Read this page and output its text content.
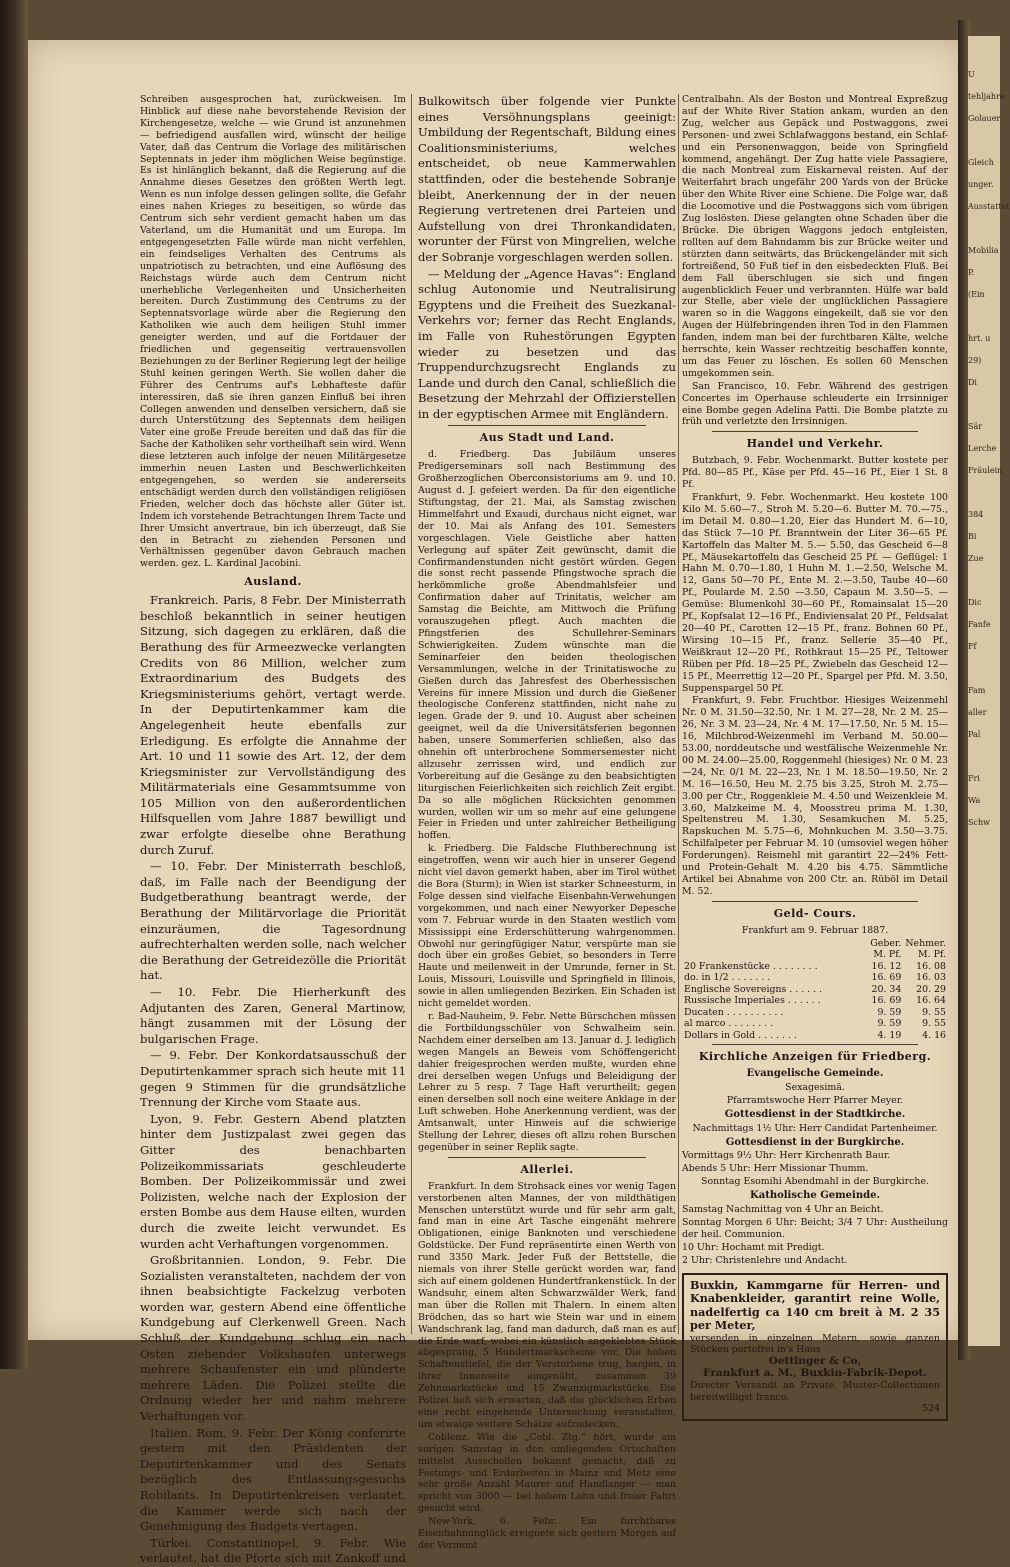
U
tehljahre
Golauer
Gleich
unger.
Ausstattet
Mobilia
P.
(Ein
hrt. u
29)
Di
Sär
Lerche
Fräulein
384
Bi
Zue
Dic
Fanfe
Ff
Fam
aller
Pal
Fri
Wa
Schw

Schreiben ausgesprochen hat, zurückweisen. Im Hinblick auf diese nahe bevorstehende Revision der Kirchengesetze, welche — wie Grund ist anzunehmen — befriedigend ausfallen wird, wünscht der heilige Vater, daß das Centrum die Vorlage des militärischen Septennats in jeder ihm möglichen Weise begünstige. Es ist hinlänglich bekannt, daß die Regierung auf die Annahme dieses Gesetzes den größten Werth legt. Wenn es nun infolge dessen gelingen sollte, die Gefahr eines nahen Krieges zu beseitigen, so würde das Centrum sich sehr verdient gemacht haben um das Vaterland, um die Humanität und um Europa. Im entgegengesetzten Falle würde man nicht verfehlen, ein feindseliges Verhalten des Centrums als unpatriotisch zu betrachten, und eine Auflösung des Reichstags würde auch dem Centrum nicht unerhebliche Verlegenheiten und Unsicherheiten bereiten. Durch Zustimmung des Centrums zu der Septennatsvorlage würde aber die Regierung den Katholiken wie auch dem heiligen Stuhl immer geneigter werden, und auf die Fortdauer der friedlichen und gegenseitig vertrauensvollen Beziehungen zu der Berliner Regierung legt der heilige Stuhl keinen geringen Werth. Sie wollen daher die Führer des Centrums auf's Lebhafteste dafür interessiren, daß sie ihren ganzen Einfluß bei ihren Collegen anwenden und denselben versichern, daß sie durch Unterstützung des Septennats dem heiligen Vater eine große Freude bereiten und daß das für die Sache der Katholiken sehr vortheilhaft sein wird. Wenn diese letzteren auch infolge der neuen Militärgesetze immerhin neuen Lasten und Beschwerlichkeiten entgegengehen, so werden sie andererseits entschädigt werden durch den vollständigen religiösen Frieden, welcher doch das höchste aller Güter ist. Indem ich vorstehende Betrachtungen Ihrem Tacte und Ihrer Umsicht anvertraue, bin ich überzeugt, daß Sie den in Betracht zu ziehenden Personen und Verhältnissen gegenüber davon Gebrauch machen werden. gez. L. Kardinal Jacobini.

Ausland.

Frankreich. Paris, 8 Febr. Der Ministerrath beschloß bekanntlich in seiner heutigen Sitzung, sich dagegen zu erklären, daß die Berathung des für Armeezwecke verlangten Credits von 86 Million, welcher zum Extraordinarium des Budgets des Kriegsministeriums gehört, vertagt werde. In der Deputirtenkammer kam die Angelegenheit heute ebenfalls zur Erledigung. Es erfolgte die Annahme der Art. 10 und 11 sowie des Art. 12, der dem Kriegsminister zur Vervollständigung des Militärmaterials eine Gesammtsumme von 105 Million von den außerordentlichen Hilfsquellen vom Jahre 1887 bewilligt und zwar erfolgte dieselbe ohne Berathung durch Zuruf.

— 10. Febr. Der Ministerrath beschloß, daß, im Falle nach der Beendigung der Budgetberathung beantragt werde, der Berathung der Militärvorlage die Priorität einzuräumen, die Tagesordnung aufrechterhalten werden solle, nach welcher die Berathung der Getreidezölle die Priorität hat.

— 10. Febr. Die Hierherkunft des Adjutanten des Zaren, General Martinow, hängt zusammen mit der Lösung der bulgarischen Frage.

— 9. Febr. Der Konkordatsausschuß der Deputirtenkammer sprach sich heute mit 11 gegen 9 Stimmen für die grundsätzliche Trennung der Kirche vom Staate aus.

Lyon, 9. Febr. Gestern Abend platzten hinter dem Justizpalast zwei gegen das Gitter des benachbarten Polizeikommissariats geschleuderte Bomben. Der Polizeikommissär und zwei Polizisten, welche nach der Explosion der ersten Bombe aus dem Hause eilten, wurden durch die zweite leicht verwundet. Es wurden acht Verhaftungen vorgenommen.

Großbritannien. London, 9. Febr. Die Sozialisten veranstalteten, nachdem der von ihnen beabsichtigte Fackelzug verboten worden war, gestern Abend eine öffentliche Kundgebung auf Clerkenwell Green. Nach Schluß der Kundgebung schlug ein nach Osten ziehender Volkshaufen unterwegs mehrere Schaufenster ein und plünderte mehrere Läden. Die Polizei stellte die Ordnung wieder her und nahm mehrere Verhaftungen vor.

Italien. Rom, 9. Febr. Der König conferirte gestern mit den Präsidenten der Deputirtenkammer und des Senats bezüglich des Entlassungsgesuchs Robilants. In Deputirtenkreisen verlautet, die Kammer werde sich nach der Genehmigung des Budgets vertagen.

Türkei. Constantinopel, 9. Febr. Wie verlautet, hat die Pforte sich mit Zankoff und

Bulkowitsch über folgende vier Punkte eines Versöhnungsplans geeinigt: Umbildung der Regentschaft, Bildung eines Coalitionsministeriums, welches entscheidet, ob neue Kammerwahlen stattfinden, oder die bestehende Sobranje bleibt, Anerkennung der in der neuen Regierung vertretenen drei Parteien und Aufstellung von drei Thronkandidaten, worunter der Fürst von Mingrelien, welche der Sobranje vorgeschlagen werden sollen.

— Meldung der „Agence Havas“: England schlug Autonomie und Neutralisirung Egyptens und die Freiheit des Suezkanal-Verkehrs vor; ferner das Recht Englands, im Falle von Ruhestörungen Egypten wieder zu besetzen und das Truppendurchzugsrecht Englands zu Lande und durch den Canal, schließlich die Besetzung der Mehrzahl der Offizierstellen in der egyptischen Armee mit Engländern.

Aus Stadt und Land.

d. Friedberg. Das Jubiläum unseres Predigerseminars soll nach Bestimmung des Großherzoglichen Oberconsistoriums am 9. und 10. August d. J. gefeiert werden. Da für den eigentliche Stiftungstag, der 21. Mai, als Samstag zwischen Himmelfahrt und Exaudi, durchaus nicht eignet, war der 10. Mai als Anfang des 101. Semesters vorgeschlagen. Viele Geistliche aber hatten Verlegung auf später Zeit gewünscht, damit die Confirmandenstunden nicht gestört würden. Gegen die sonst recht passende Pfingstwoche sprach die herkömmliche große Abendmahlsfeier und Confirmation daher auf Trinitatis, welcher am Samstag die Beichte, am Mittwoch die Prüfung vorauszugehen pflegt. Auch machten die Pfingstferien des Schullehrer-Seminars Schwierigkeiten. Zudem wünschte man die Seminarfeier den beiden theologischen Versammlungen, welche in der Trinitatiswoche zu Gießen durch das Jahresfest des Oberhessischen Vereins für innere Mission und durch die Gießener theologische Conferenz stattfinden, nicht nahe zu legen. Grade der 9. und 10. August aber scheinen geeignet, weil da die Universitätsferien begonnen haben, unsere Sommerferien schließen, also das ohnehin oft unterbrochene Sommersemester nicht allzusehr zerrissen wird, und endlich zur Vorbereitung auf die Gesänge zu den beabsichtigten liturgischen Feierlichkeiten sich reichlich Zeit ergibt. Da so alle möglichen Rücksichten genommen wurden, wollen wir um so mehr auf eine gelungene Feier in Frieden und unter zahlreicher Betheiligung hoffen.

k. Friedberg. Die Faldsche Fluthberechnung ist eingetroffen, wenn wir auch hier in unserer Gegend nicht viel davon gemerkt haben, aber im Tirol wüthet die Bora (Sturm); in Wien ist starker Schneesturm, in Folge dessen sind vielfache Eisenbahn-Verwehungen vorgekommen, und nach einer Newyorker Depesche vom 7. Februar wurde in den Staaten westlich vom Mississippi eine Erderschütterung wahrgenommen. Obwohl nur geringfügiger Natur, verspürte man sie doch über ein großes Gebiet, so besonders in Terre Haute und meilenweit in der Umrunde, ferner in St. Louis, Missouri, Louisville und Springfield in Illinois, sowie in allen umliegenden Bezirken. Ein Schaden ist nicht gemeldet worden.

r. Bad-Nauheim, 9. Febr. Nette Bürschchen müssen die Fortbildungsschüler von Schwalheim sein. Nachdem einer derselben am 13. Januar d. J. lediglich wegen Mangels an Beweis vom Schöffengericht dahier freigesprochen werden mußte, wurden ehne drei derselben wegen Unfugs und Beleidigung der Lehrer zu 5 resp. 7 Tage Haft verurtheilt; gegen einen derselben soll noch eine weitere Anklage in der Luft schweben. Hohe Anerkennung verdient, was der Amtsanwalt, unter Hinweis auf die schwierige Stellung der Lehrer, dieses oft allzu rohen Burschen gegenüber in seiner Replik sagte.

Allerlei.

Frankfurt. In dem Strohsack eines vor wenig Tagen verstorbenen alten Mannes, der von mildthätigen Menschen unterstützt wurde und für sehr arm galt, fand man in eine Art Tasche eingenäht mehrere Obligationen, einige Banknoten und verschiedene Goldstücke. Der Fund repräsentirte einen Werth von rund 3350 Mark. Jeder Fuß der Bettstelle, die niemals von ihrer Stelle gerückt worden war, fand sich auf einem goldenen Hundertfrankenstück. In der Wandsuhr, einem alten Schwarzwälder Werk, fand man über die Rollen mit Thalern. In einem alten Brödchen, das so hart wie Stein war und in einem Wandschrank lag, fand man dadurch, daß man es auf die Erde warf, wobei ein künstlich angeklebtes Stück abgesprang, 5 Hundertmarkscheine vor. Die hohen Schaftenstiefel, die der Verstorbene trug, bargen, in ihrer Innenseite eingenäht, zusammen 39 Zehnmarkstücke und 15 Zwanzigmarkstücke. Die Polizei ließ sich erwarten, daß die glücklichen Erben eine recht eingehende Untersuchung veranstalten, um etwaige weitere Schätze aufzudecken.

Coblenz. Wie die „Cobl. Ztg.“ hört, wurde am vorigen Samstag in den umliegenden Ortschaften mittelst Ausschellen bekannt gemacht, daß zu Festungs- und Erdarbeiten in Mainz und Metz eine sehr große Anzahl Maurer und Handlanger — man spricht von 3000 — bei hohem Lohn und freier Fahrt gesucht wird.

New-York, 6. Febr. Ein furchtbares Eisenbahnunglück ereignete sich gestern Morgen auf der Vermont

Centralbahn. Als der Boston und Montreal Expreßzug auf der White River Station ankam, wurden an den Zug, welcher aus Gepäck und Postwaggons, zwei Personen- und zwei Schlafwaggons bestand, ein Schlaf- und ein Personenwaggon, beide von Springfield kommend, angehängt. Der Zug hatte viele Passagiere, die nach Montreal zum Eiskarneval reisten. Auf der Weiterfahrt brach ungefähr 200 Yards von der Brücke über den White River eine Schiene. Die Folge war, daß die Locomotive und die Postwaggons sich vom übrigen Zug loslösten. Diese gelangten ohne Schaden über die Brücke. Die übrigen Waggons jedoch entgleisten, rollten auf dem Bahndamm bis zur Brücke weiter und stürzten dann seitwärts, das Brückengeländer mit sich fortreißend, 50 Fuß tief in den eisbedeckten Fluß. Bei dem Fall überschlugen sie sich und fingen augenblicklich Feuer und verbrannten. Hülfe war bald zur Stelle, aber viele der unglücklichen Passagiere waren so in die Waggons eingekeilt, daß sie vor den Augen der Hülfebringenden ihren Tod in den Flammen fanden, indem man bei der furchtbaren Kälte, welche herrschte, kein Wasser rechtzeitig beschaffen konnte, um das Feuer zu löschen. Es sollen 60 Menschen umgekommen sein.

San Francisco, 10. Febr. Während des gestrigen Concertes im Operhause schleuderte ein Irrsinniger eine Bombe gegen Adelina Patti. Die Bombe platzte zu früh und verletzte den Irrsinnigen.

Handel und Verkehr.

Butzbach, 9. Febr. Wochenmarkt. Butter kostete per Pfd. 80—85 Pf., Käse per Pfd. 45—16 Pf., Eier 1 St. 8 Pf.

Frankfurt, 9. Febr. Wochenmarkt. Heu kostete 100 Kilo M. 5.60—7., Stroh M. 5.20—6. Butter M. 70.—75., im Detail M. 0.80—1.20, Eier das Hundert M. 6—10, das Stück 7—10 Pf. Branntwein der Liter 36—65 Pf. Kartoffeln das Malter M. 5.— 5.50, das Gescheid 6—8 Pf., Mäusekartoffeln das Gescheid 25 Pf. — Geflügel: 1 Hahn M. 0.70—1.80, 1 Huhn M. 1.—2.50, Welsche M. 12, Gans 50—70 Pf., Ente M. 2.—3.50, Taube 40—60 Pf., Poularde M. 2.50 —3.50, Capaun M. 3.50—5. — Gemüse: Blumenkohl 30—60 Pf., Romainsalat 15—20 Pf., Kopfsalat 12—16 Pf., Endiviensalat 20 Pf., Feldsalat 20—40 Pf., Carotten 12—15 Pf., franz. Bohnen 60 Pf., Wirsing 10—15 Pf., franz. Sellerie 35—40 Pf., Weißkraut 12—20 Pf., Rothkraut 15—25 Pf., Teltower Rüben per Pfd. 18—25 Pf., Zwiebeln das Gescheid 12—15 Pf., Meerrettig 12—20 Pf., Spargel per Pfd. M. 3.50, Suppenspargel 50 Pf.

Frankfurt, 9. Febr. Fruchtbor. Hiesiges Weizenmehl Nr. 0 M. 31.50—32.50, Nr. 1 M. 27—28, Nr. 2 M. 25—26, Nr. 3 M. 23—24, Nr. 4 M. 17—17.50, Nr. 5 M. 15—16, Milchbrod-Weizenmehl im Verband M. 50.00—53.00, norddeutsche und westfälische Weizenmehle Nr. 00 M. 24.00—25.00, Roggenmehl (hiesiges) Nr. 0 M. 23—24, Nr. 0/1 M. 22—23, Nr. 1 M. 18.50—19.50, Nr. 2 M. 16—16.50, Heu M. 2.75 bis 3.25, Stroh M. 2.75—3.00 per Ctr., Roggenkleie M. 4.50 und Weizenkleie M. 3.60, Malzkeime M. 4, Moosstreu prima M. 1.30, Speltenstreu M. 1.30, Sesamkuchen M. 5.25, Rapskuchen M. 5.75—6, Mohnkuchen M. 3.50—3.75. Schilfalpeter per Februar M. 10 (umsoviel wegen höher Forderungen). Reismehl mit garantirt 22—24% Fett- und Protein-Gehalt M. 4.20 bis 4.75. Sämmtliche Artikel bei Abnahme von 200 Ctr. an. Rüböl im Detail M. 52.

Geld- Cours.

Frankfurt am 9. Februar 1887.

	Geber.	Nehmer.
	M. Pf.	M. Pf.
20 Frankenstücke . . . . . . . .	16. 12	16. 08
do. in 1/2 . . . . . . .	16. 69	16. 03
Englische Sovereigns . . . . . .	20. 34	20. 29
Russische Imperiales . . . . . .	16. 69	16. 64
Ducaten . . . . . . . . . .	9. 59	9. 55
al marco . . . . . . . .	9. 59	9. 55
Dollars in Gold . . . . . . .	4. 19	4. 16
Kirchliche Anzeigen für Friedberg.
Evangelische Gemeinde.

Sexagesimä.

Pfarramtswoche Herr Pfarrer Meyer.

Gottesdienst in der Stadtkirche.

Nachmittags 1½ Uhr: Herr Candidat Partenheimer.

Gottesdienst in der Burgkirche.

Vormittags 9½ Uhr: Herr Kirchenrath Baur.

Abends 5 Uhr: Herr Missionar Thumm.

Sonntag Esomihi Abendmahl in der Burgkirche.

Katholische Gemeinde.

Samstag Nachmittag von 4 Uhr an Beicht.

Sonntag Morgen 6 Uhr: Beicht; 3/4 7 Uhr: Austheilung der heil. Communion.

10 Uhr: Hochamt mit Predigt.

2 Uhr: Christenlehre und Andacht.

Buxkin, Kammgarne für Herren- und Knabenkleider, garantirt reine Wolle, nadelfertig ca 140 cm breit à M. 2 35 per Meter,
versenden in einzelnen Metern, sowie ganzen Stücken portofrei in's Haus
Oettinger & Co,
Frankfurt a. M., Buxkin-Fabrik-Depot.
Directer Versandt an Private. Muster-Collectionen bereitwilligst franco.
524
